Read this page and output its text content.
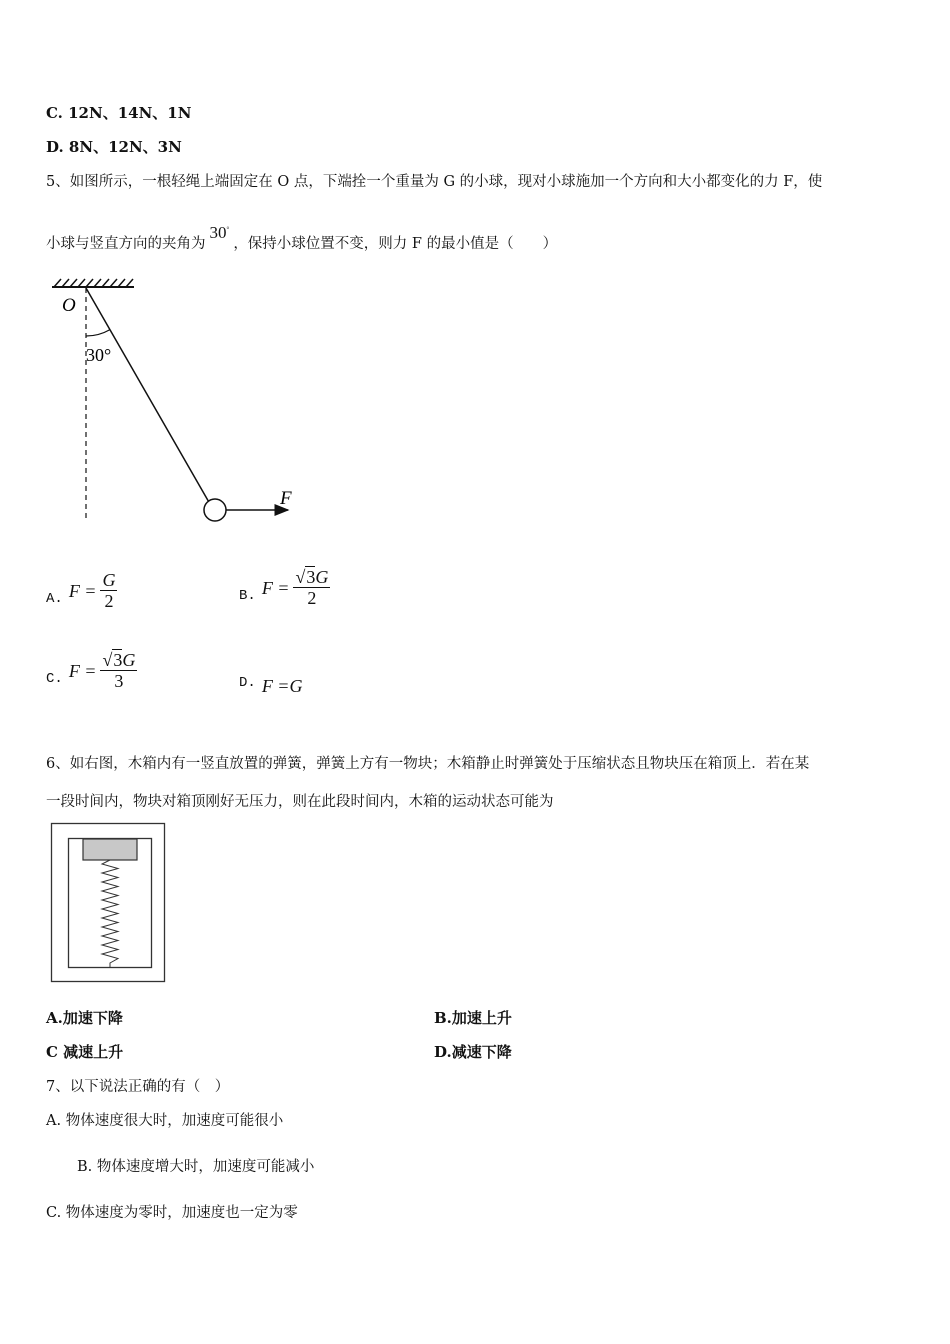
C. 12N、14N、1N
D. 8N、12N、3N
5、如图所示，一根轻绳上端固定在 O 点，下端拴一个重量为 G 的小球，现对小球施加一个方向和大小都变化的力 F，使
小球与竖直方向的夹角为30°，保持小球位置不变，则力 F 的最小值是（　　）
O
30°
F
A. $F = \frac{G}{2}$	B. $F = \frac{√3G}{2}$
C. $F = \frac{√3G}{3}$	D. F =G
6、如右图，木箱内有一竖直放置的弹簧，弹簧上方有一物块；木箱静止时弹簧处于压缩状态且物块压在箱顶上．若在某
一段时间内，物块对箱顶刚好无压力，则在此段时间内，木箱的运动状态可能为
A.加速下降	B.加速上升
C 减速上升	D.减速下降
7、以下说法正确的有（　）
A. 物体速度很大时，加速度可能很小
B. 物体速度增大时，加速度可能减小
C. 物体速度为零时，加速度也一定为零
